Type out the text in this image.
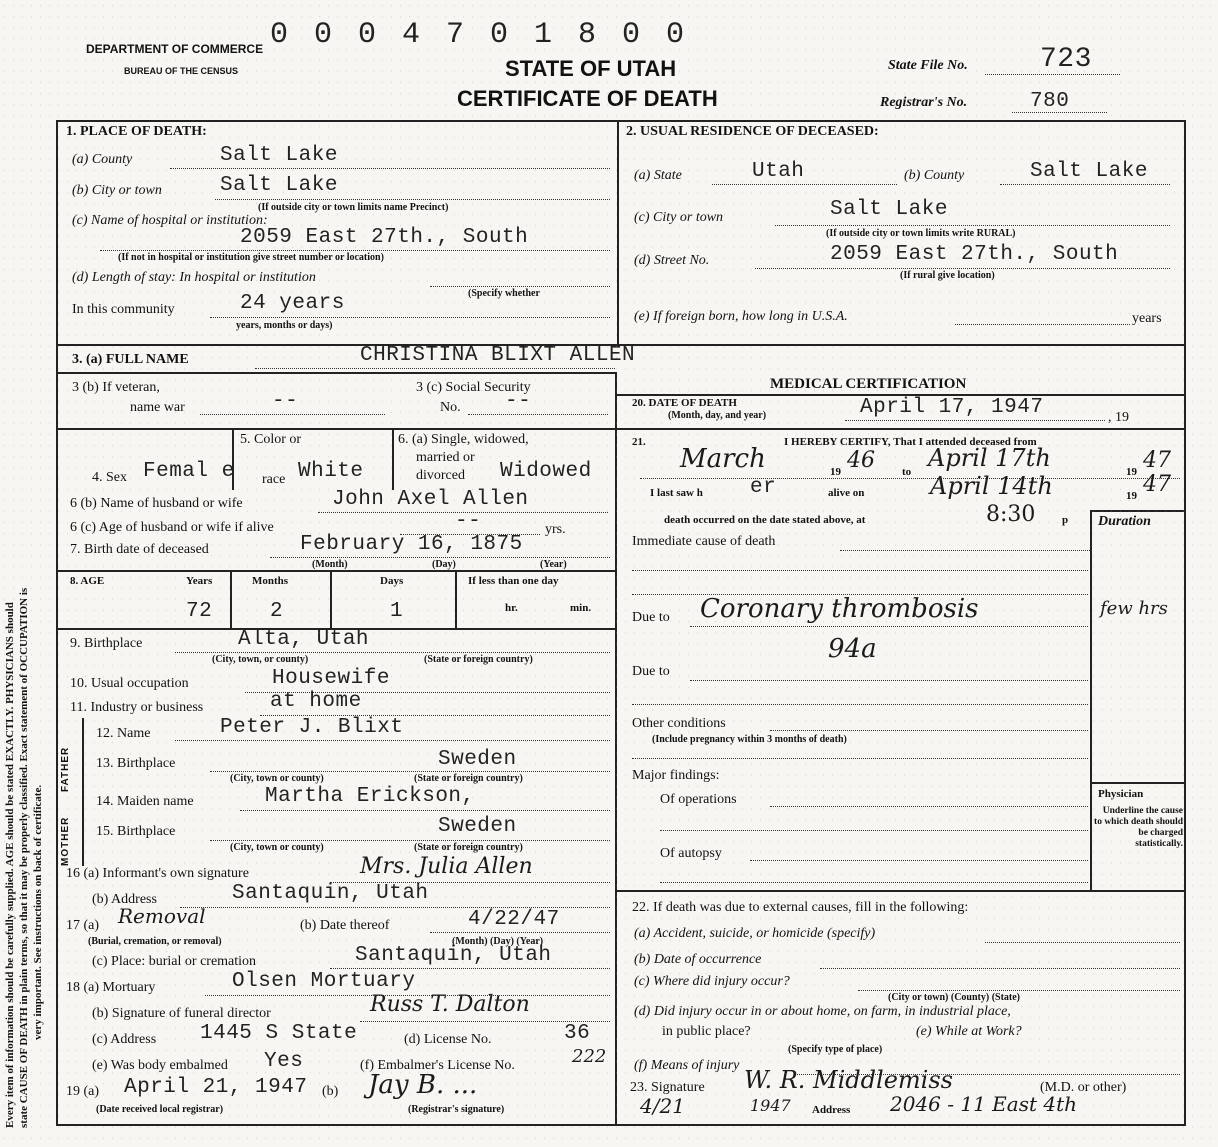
Every item of information should be carefully supplied. AGE should be stated EXACTLY. PHYSICIANS should state CAUSE OF DEATH in plain terms, so that it may be properly classified. Exact statement of OCCUPATION is very important. See instructions on back of certificate.
0 0 0 4 7 0 1 8 0 0
DEPARTMENT OF COMMERCE
BUREAU OF THE CENSUS	STATE OF UTAH
CERTIFICATE OF DEATH
State File No.	723
Registrar's No.	780
1. PLACE OF DEATH:
(a) County	Salt Lake
(b) City or town	Salt Lake
(If outside city or town limits name Precinct)
(c) Name of hospital or institution:
2059 East 27th., South
(If not in hospital or institution give street number or location)
(d) Length of stay: In hospital or institution
(Specify whether
In this community	24 years
years, months or days)
2. USUAL RESIDENCE OF DECEASED:
(a) State	Utah	(b) County	Salt Lake
(c) City or town	Salt Lake
(If outside city or town limits write RURAL)
(d) Street No.	2059 East 27th., South
(If rural give location)
(e) If foreign born, how long in U.S.A.	years
3. (a) FULL NAME	CHRISTINA BLIXT ALLEN
3 (b) If veteran,
name war	--
3 (c) Social Security
No. --
4. Sex Femal e
5. Color or
race White
6. (a) Single, widowed,
married or
divorced Widowed
6 (b) Name of husband or wife	John Axel Allen
6 (c) Age of husband or wife if alive	--	yrs.
7. Birth date of deceased	February 16, 1875
(Month)	(Day)	(Year)
8. AGE	Years	Months	Days	If less than one day
72	2	1	hr.	min.
9. Birthplace	Alta, Utah
(City, town, or county)	(State or foreign country)
10. Usual occupation	Housewife
11. Industry or business	at home
FATHER
MOTHER
12. Name	Peter J. Blixt
13. Birthplace	Sweden
(City, town or county)	(State or foreign country)
14. Maiden name	Martha Erickson,
15. Birthplace	Sweden
(City, town or county)	(State or foreign country)
16 (a) Informant's own signature	Mrs. Julia Allen
(b) Address	Santaquin, Utah
17 (a) Removal
(Burial, cremation, or removal)
(b) Date thereof	4/22/47
(Month) (Day) (Year)
(c) Place: burial or cremation	Santaquin, Utah
18 (a) Mortuary	Olsen Mortuary
(b) Signature of funeral director	Russ T. Dalton
(c) Address 1445 S State	(d) License No.	36
(e) Was body embalmed Yes	(f) Embalmer's License No.	222
19 (a) April 21, 1947
(Date received local registrar)
(b) Jay B. ...
(Registrar's signature)
MEDICAL CERTIFICATION
20. DATE OF DEATH
(Month, day, and year)	April 17, 1947	, 19
21.	I HEREBY CERTIFY, That I attended deceased from
March	19 46 to April 17th	19 47
I last saw h er	alive on	April 14th	19 47
death occurred on the date stated above, at	8:30 p Duration
Immediate cause of death
Due to Coronary thrombosis	few hrs
94a
Due to
Other conditions
(Include pregnancy within 3 months of death)
Major findings:
Of operations
Of autopsy
Physician
Underline the cause to which death should be charged statistically.
22. If death was due to external causes, fill in the following:
(a) Accident, suicide, or homicide (specify)
(b) Date of occurrence
(c) Where did injury occur?
(City or town) (County) (State)
(d) Did injury occur in or about home, on farm, in industrial place,
in public place?	(e) While at Work?
(Specify type of place)
(f) Means of injury
23. Signature W. R. Middlemiss	(M.D. or other)
4/21	1947 Address 2046 - 11 East 4th
